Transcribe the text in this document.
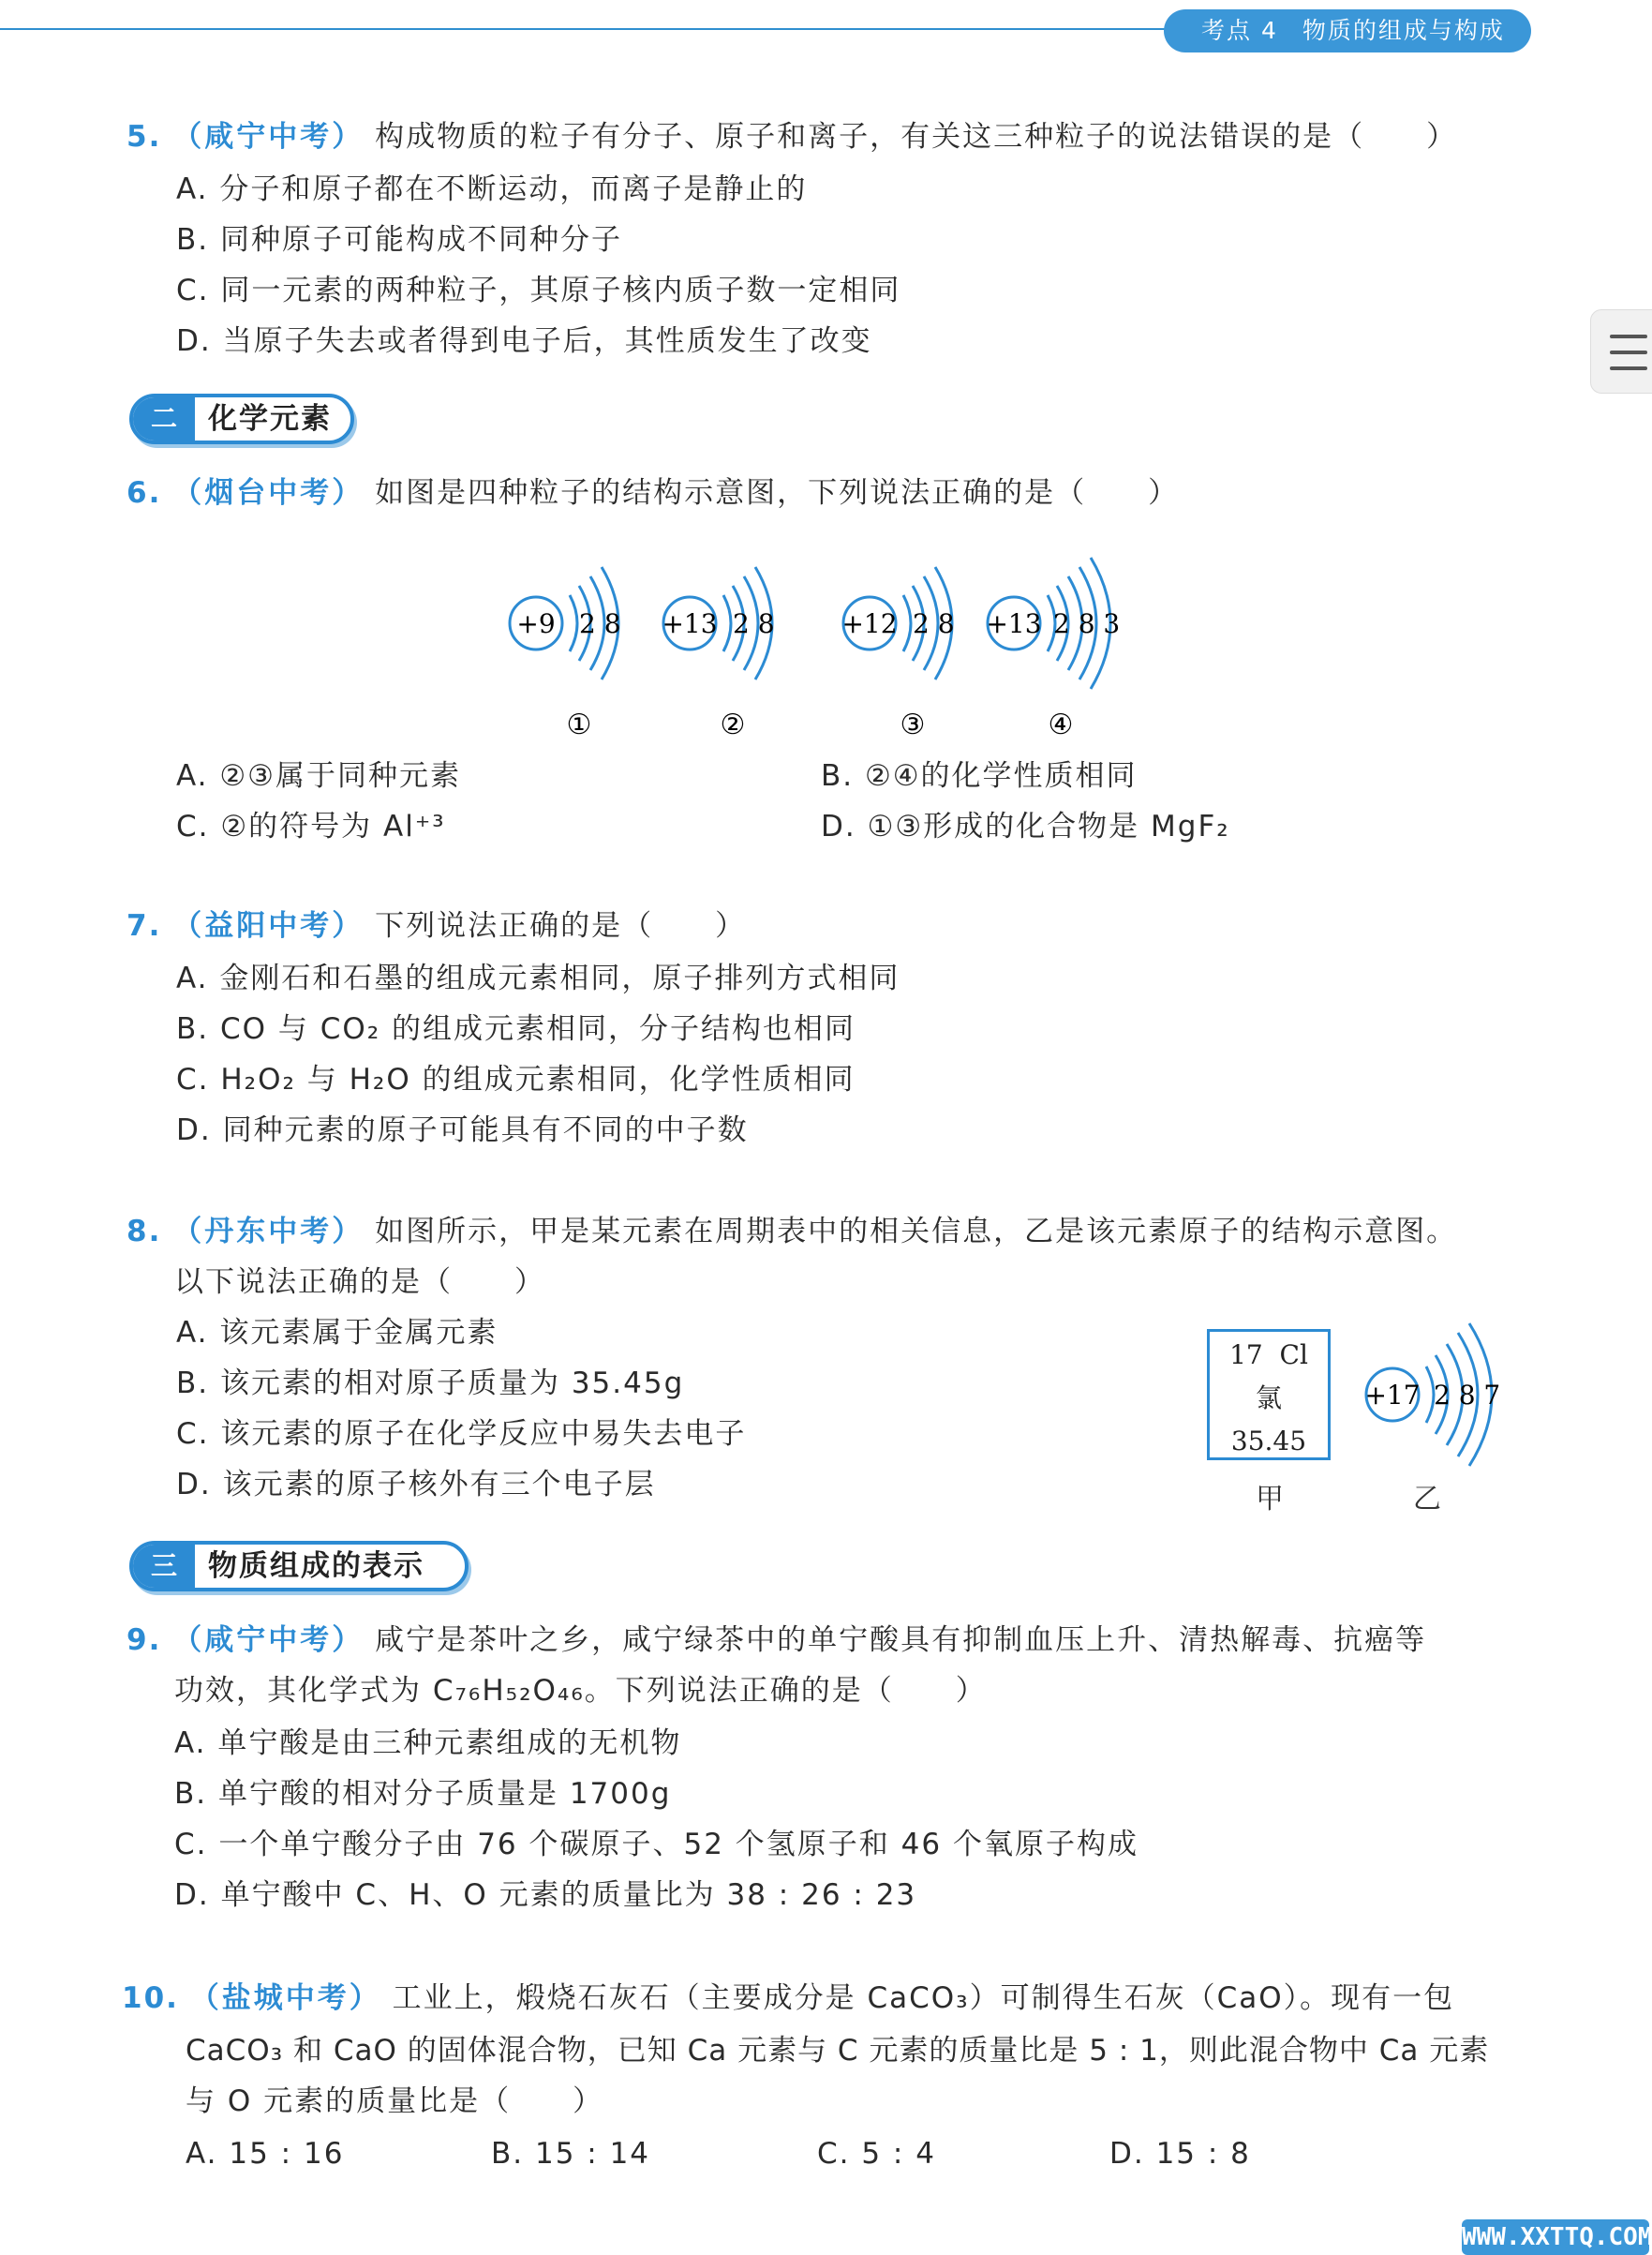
考点 4 物质的组成与构成
5. （咸宁中考） 构成物质的粒子有分子、原子和离子，有关这三种粒子的说法错误的是（　　）
A. 分子和原子都在不断运动，而离子是静止的
B. 同种原子可能构成不同种分子
C. 同一元素的两种粒子，其原子核内质子数一定相同
D. 当原子失去或者得到电子后，其性质发生了改变
二	化学元素
6. （烟台中考） 如图是四种粒子的结构示意图，下列说法正确的是（　　）
+9 2 8
①
+13 2 8
②
+12 2 8
③
+13 2 8 3
④
A. ②③属于同种元素	B. ②④的化学性质相同
C. ②的符号为 Al⁺³	D. ①③形成的化合物是 MgF₂
7. （益阳中考） 下列说法正确的是（　　）
A. 金刚石和石墨的组成元素相同，原子排列方式相同
B. CO 与 CO₂ 的组成元素相同，分子结构也相同
C. H₂O₂ 与 H₂O 的组成元素相同，化学性质相同
D. 同种元素的原子可能具有不同的中子数
8. （丹东中考） 如图所示，甲是某元素在周期表中的相关信息，乙是该元素原子的结构示意图。
以下说法正确的是（　　）
A. 该元素属于金属元素
B. 该元素的相对原子质量为 35.45g
C. 该元素的原子在化学反应中易失去电子
D. 该元素的原子核外有三个电子层
17 Cl
氯
35.45
甲
+17 2 8 7
乙
三	物质组成的表示
9. （咸宁中考） 咸宁是茶叶之乡，咸宁绿茶中的单宁酸具有抑制血压上升、清热解毒、抗癌等
功效，其化学式为 C₇₆H₅₂O₄₆。下列说法正确的是（　　）
A. 单宁酸是由三种元素组成的无机物
B. 单宁酸的相对分子质量是 1700g
C. 一个单宁酸分子由 76 个碳原子、52 个氢原子和 46 个氧原子构成
D. 单宁酸中 C、H、O 元素的质量比为 38 : 26 : 23
10. （盐城中考） 工业上，煅烧石灰石（主要成分是 CaCO₃）可制得生石灰（CaO）。现有一包
CaCO₃ 和 CaO 的固体混合物，已知 Ca 元素与 C 元素的质量比是 5 : 1，则此混合物中 Ca 元素
与 O 元素的质量比是（　　）
A. 15 : 16	B. 15 : 14	C. 5 : 4	D. 15 : 8
WWW.XXTTQ.COM
